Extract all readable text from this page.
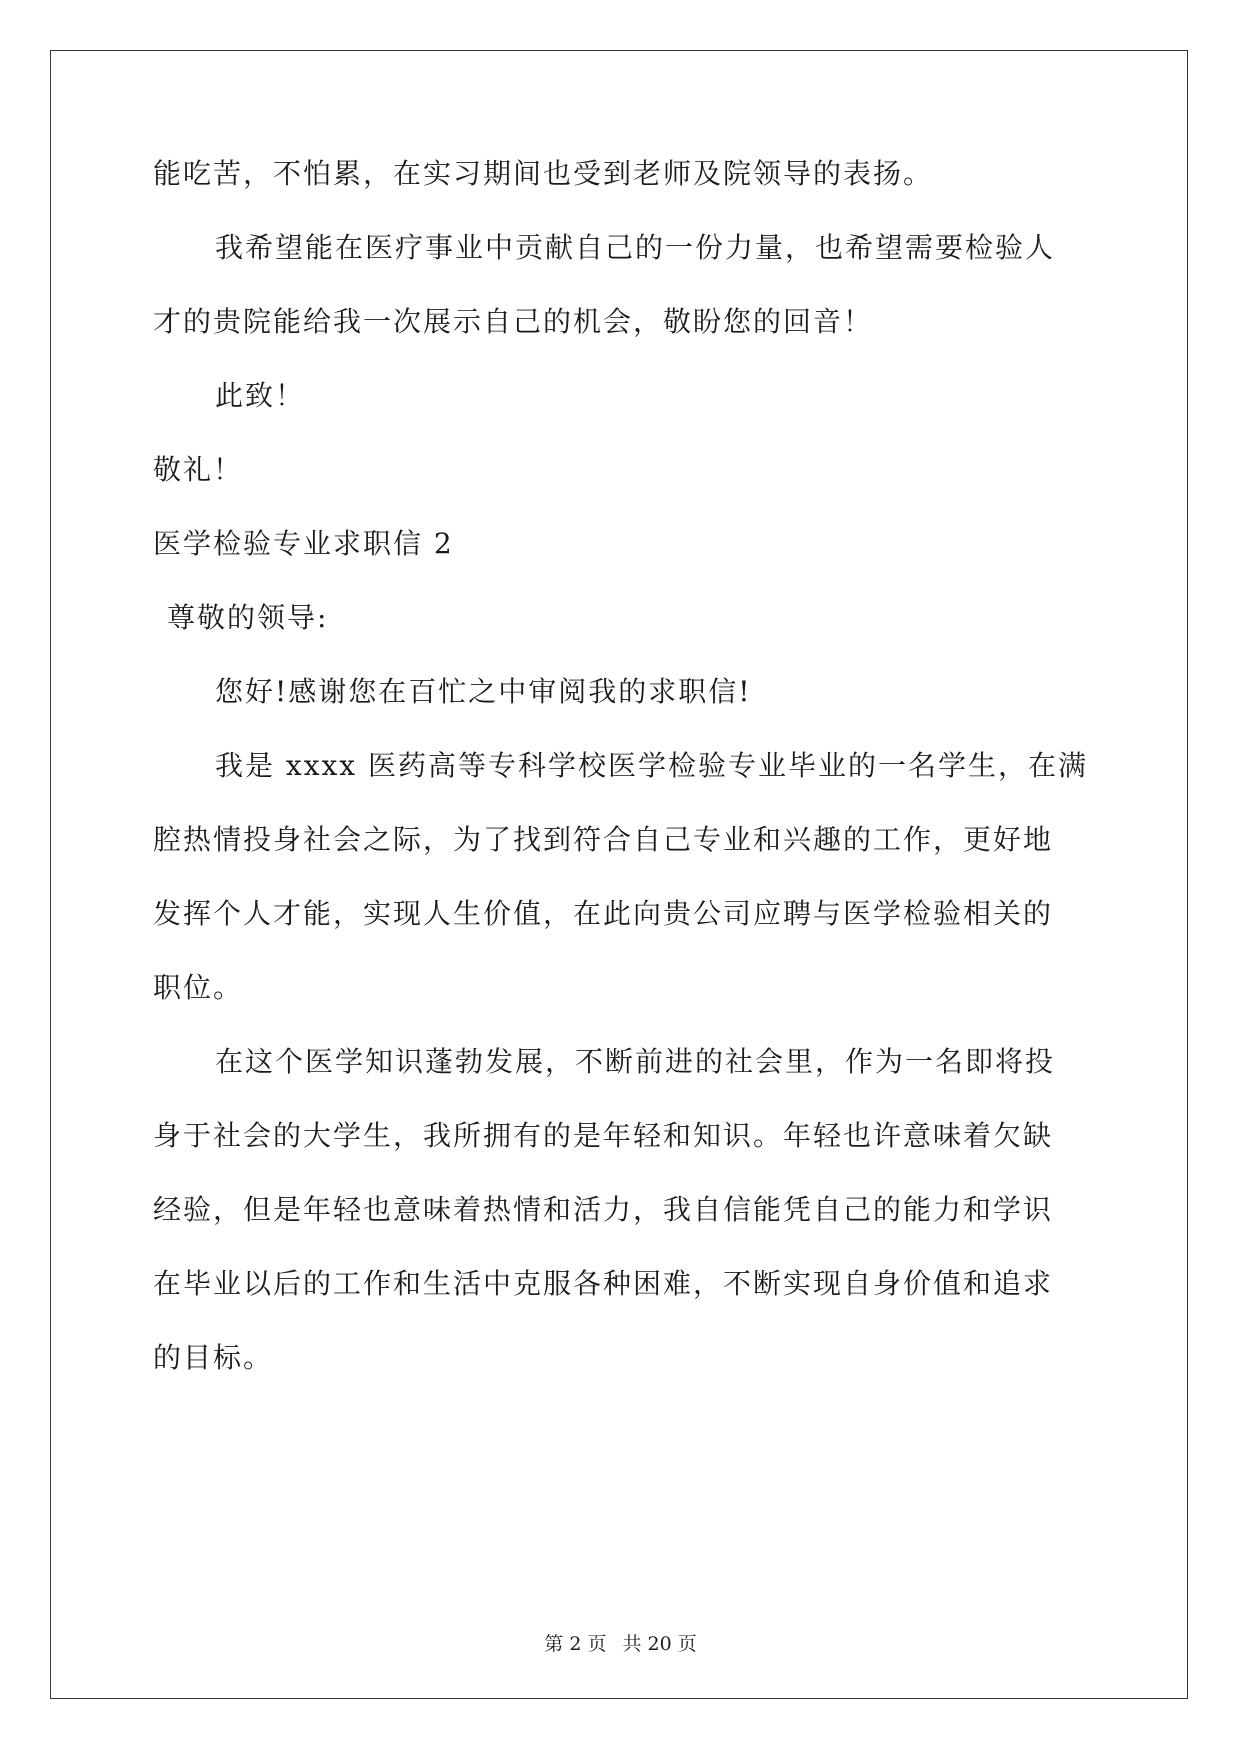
能吃苦，不怕累，在实习期间也受到老师及院领导的表扬。
我希望能在医疗事业中贡献自己的一份力量，也希望需要检验人
才的贵院能给我一次展示自己的机会，敬盼您的回音！
此致！
敬礼！
医学检验专业求职信 2
尊敬的领导:
您好!感谢您在百忙之中审阅我的求职信!
我是 xxxx 医药高等专科学校医学检验专业毕业的一名学生，在满
腔热情投身社会之际，为了找到符合自己专业和兴趣的工作，更好地
发挥个人才能，实现人生价值，在此向贵公司应聘与医学检验相关的
职位。
在这个医学知识蓬勃发展，不断前进的社会里，作为一名即将投
身于社会的大学生，我所拥有的是年轻和知识。年轻也许意味着欠缺
经验，但是年轻也意味着热情和活力，我自信能凭自己的能力和学识
在毕业以后的工作和生活中克服各种困难，不断实现自身价值和追求
的目标。
第 2 页 共 20 页
